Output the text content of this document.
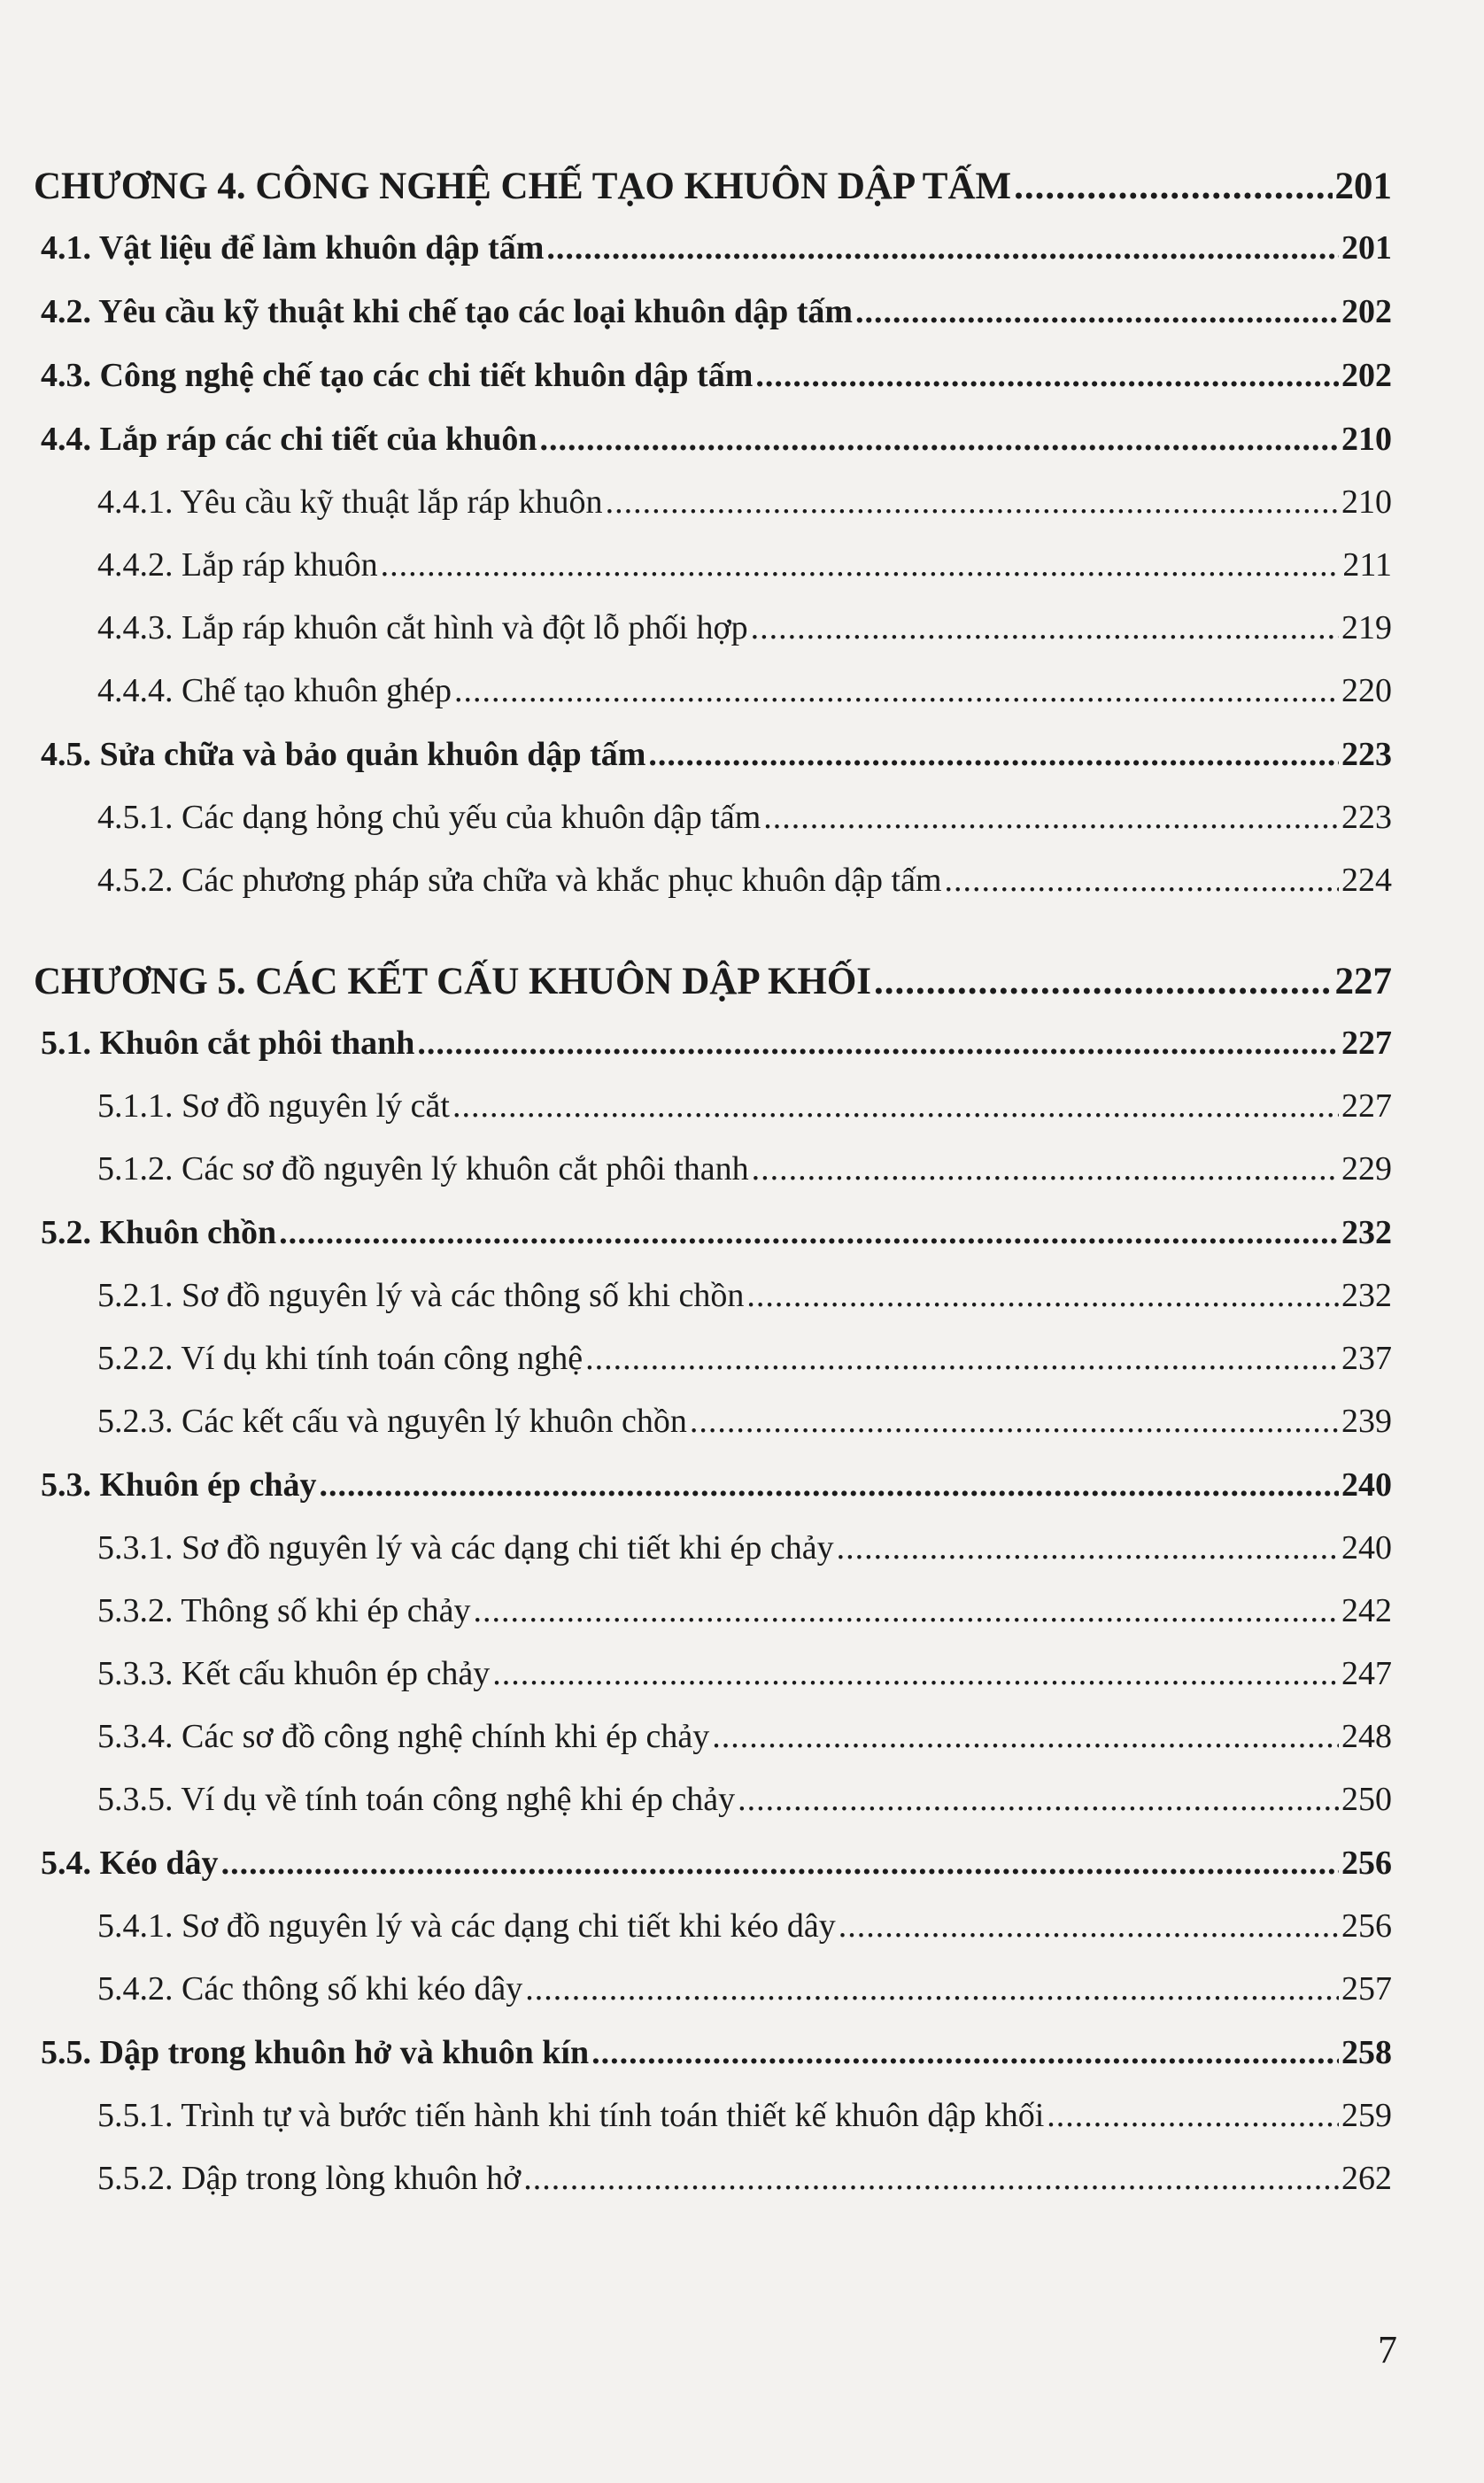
CHƯƠNG 4. CÔNG NGHỆ CHẾ TẠO KHUÔN DẬP TẤM .....	201
4.1. Vật liệu để làm khuôn dập tấm .....	201
4.2. Yêu cầu kỹ thuật khi chế tạo các loại khuôn dập tấm .....	202
4.3. Công nghệ chế tạo các chi tiết khuôn dập tấm .....	202
4.4. Lắp ráp các chi tiết của khuôn .....	210
4.4.1. Yêu cầu kỹ thuật lắp ráp khuôn .....	210
4.4.2. Lắp ráp khuôn .....	211
4.4.3. Lắp ráp khuôn cắt hình và đột lỗ phối hợp .....	219
4.4.4. Chế tạo khuôn ghép .....	220
4.5. Sửa chữa và bảo quản khuôn dập tấm .....	223
4.5.1. Các dạng hỏng chủ yếu của khuôn dập tấm .....	223
4.5.2. Các phương pháp sửa chữa và khắc phục khuôn dập tấm .....	224
CHƯƠNG 5. CÁC KẾT CẤU KHUÔN DẬP KHỐI .....	227
5.1. Khuôn cắt phôi thanh .....	227
5.1.1. Sơ đồ nguyên lý cắt .....	227
5.1.2. Các sơ đồ nguyên lý khuôn cắt phôi thanh .....	229
5.2. Khuôn chồn .....	232
5.2.1. Sơ đồ nguyên lý và các thông số khi chồn .....	232
5.2.2. Ví dụ khi tính toán công nghệ .....	237
5.2.3. Các kết cấu và nguyên lý khuôn chồn .....	239
5.3. Khuôn ép chảy .....	240
5.3.1. Sơ đồ nguyên lý và các dạng chi tiết khi ép chảy .....	240
5.3.2. Thông số khi ép chảy .....	242
5.3.3. Kết cấu khuôn ép chảy .....	247
5.3.4. Các sơ đồ công nghệ chính khi ép chảy .....	248
5.3.5. Ví dụ về tính toán công nghệ khi ép chảy .....	250
5.4. Kéo dây .....	256
5.4.1. Sơ đồ nguyên lý và các dạng chi tiết khi kéo dây .....	256
5.4.2. Các thông số khi kéo dây .....	257
5.5. Dập trong khuôn hở và khuôn kín .....	258
5.5.1. Trình tự và bước tiến hành khi tính toán thiết kế khuôn dập khối .....	259
5.5.2. Dập trong lòng khuôn hở .....	262
7
